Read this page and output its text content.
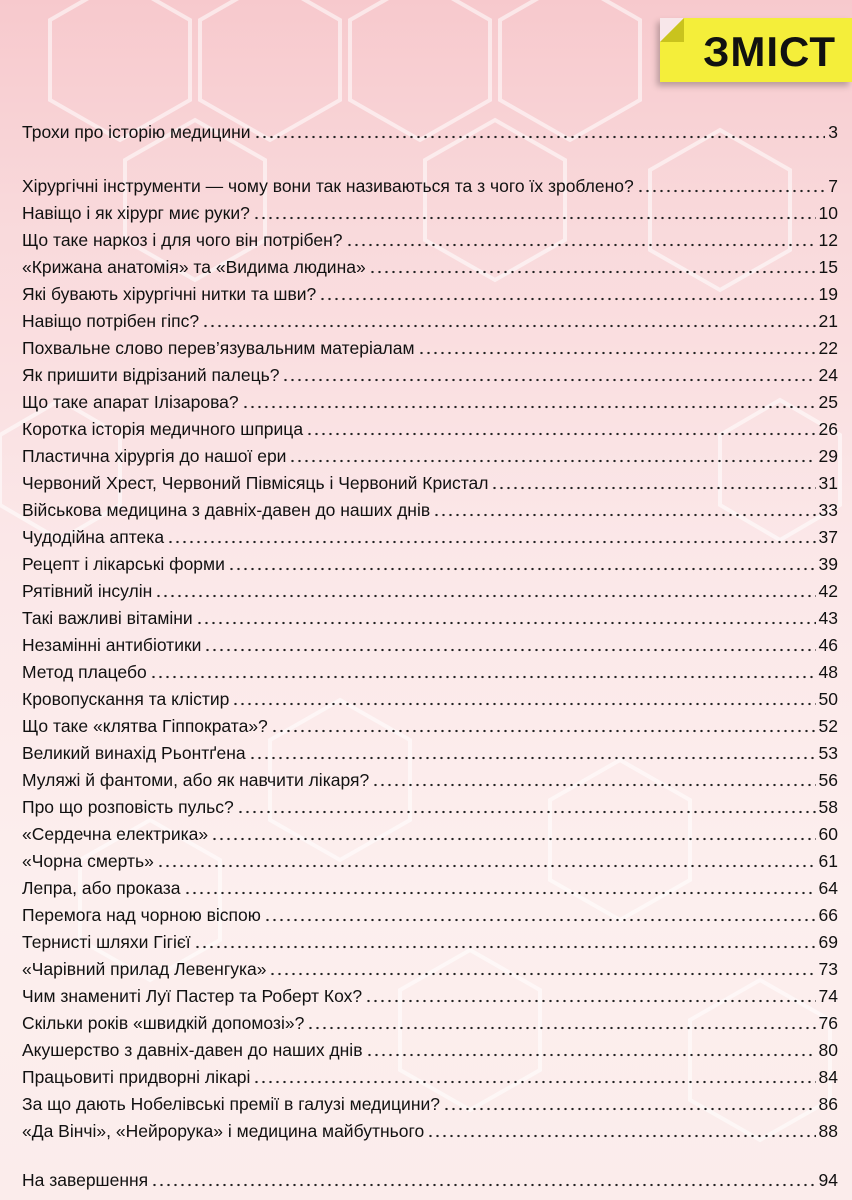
ЗМІСТ
Трохи про історію медицини	3
Хірургічні інструменти — чому вони так називаються та з чого їх зроблено?	7
Навіщо і як хірург миє руки?	10
Що таке наркоз і для чого він потрібен?	12
«Крижана анатомія» та «Видима людина»	15
Які бувають хірургічні нитки та шви?	19
Навіщо потрібен гіпс?	21
Похвальне слово перев’язувальним матеріалам	22
Як пришити відрізаний палець?	24
Що таке апарат Ілізарова?	25
Коротка історія медичного шприца	26
Пластична хірургія до нашої ери	29
Червоний Хрест, Червоний Півмісяць і Червоний Кристал	31
Військова медицина з давніх-давен до наших днів	33
Чудодійна аптека	37
Рецепт і лікарські форми	39
Рятівний інсулін	42
Такі важливі вітаміни	43
Незамінні антибіотики	46
Метод плацебо	48
Кровопускання та клістир	50
Що таке «клятва Гіппократа»?	52
Великий винахід Рьонтґена	53
Муляжі й фантоми, або як навчити лікаря?	56
Про що розповість пульс?	58
«Сердечна електрика»	60
«Чорна смерть»	61
Лепра, або проказа	64
Перемога над чорною віспою	66
Тернисті шляхи Гігієї	69
«Чарівний прилад Левенгука»	73
Чим знамениті Луї Пастер та Роберт Кох?	74
Скільки років «швидкій допомозі»?	76
Акушерство з давніх-давен до наших днів	80
Працьовиті придворні лікарі	84
За що дають Нобелівські премії в галузі медицини?	86
«Да Вінчі», «Нейрорука» і медицина майбутнього	88
На завершення	94
